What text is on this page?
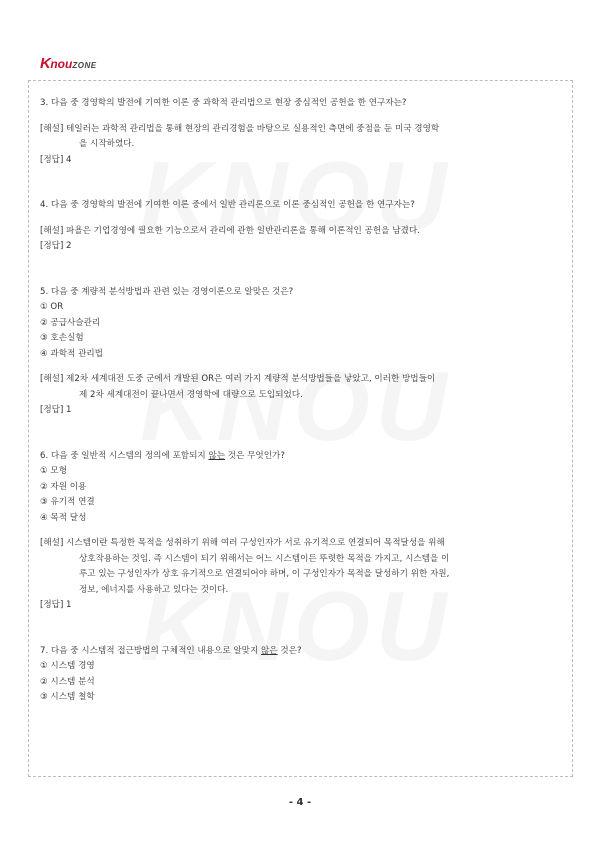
KnouZONE
3. 다음 중 경영학의 발전에 기여한 이론 중 과학적 관리법으로 현장 중심적인 공헌을 한 연구자는?
[해설] 테일러는 과학적 관리법을 통해 현장의 관리경험을 바탕으로 실용적인 측면에 중점을 둔 미국 경영학
을 시작하였다.
[정답] 4
4. 다음 중 경영학의 발전에 기여한 이론 중에서 일반 관리론으로 이론 중심적인 공헌을 한 연구자는?
[해설] 파욜은 기업경영에 필요한 기능으로서 관리에 관한 일반관리론을 통해 이론적인 공헌을 남겼다.
[정답] 2
5. 다음 중 계량적 분석방법과 관련 있는 경영이론으로 알맞은 것은?
① OR
② 공급사슬관리
③ 호손실험
④ 과학적 관리법
[해설] 제2차 세계대전 도중 군에서 개발된 OR은 여러 가지 계량적 분석방법들을 낳았고, 이러한 방법들이
제 2차 세계대전이 끝나면서 경영학에 대량으로 도입되었다.
[정답] 1
6. 다음 중 일반적 시스템의 정의에 포함되지 않는 것은 무엇인가?
① 모형
② 자원 이용
③ 유기적 연결
④ 목적 달성
[해설] 시스템이란 특정한 목적을 성취하기 위해 여러 구성인자가 서로 유기적으로 연결되어 목적달성을 위해
상호작용하는 것임. 즉 시스템이 되기 위해서는 어느 시스템이든 뚜렷한 목적을 가지고, 시스템을 이
루고 있는 구성인자가 상호 유기적으로 연결되어야 하며, 이 구성인자가 목적을 달성하기 위한 자원,
정보, 에너지를 사용하고 있다는 것이다.
[정답] 1
7. 다음 중 시스템적 접근방법의 구체적인 내용으로 알맞지 않은 것은?
① 시스템 경영
② 시스템 분석
③ 시스템 철학
- 4 -
